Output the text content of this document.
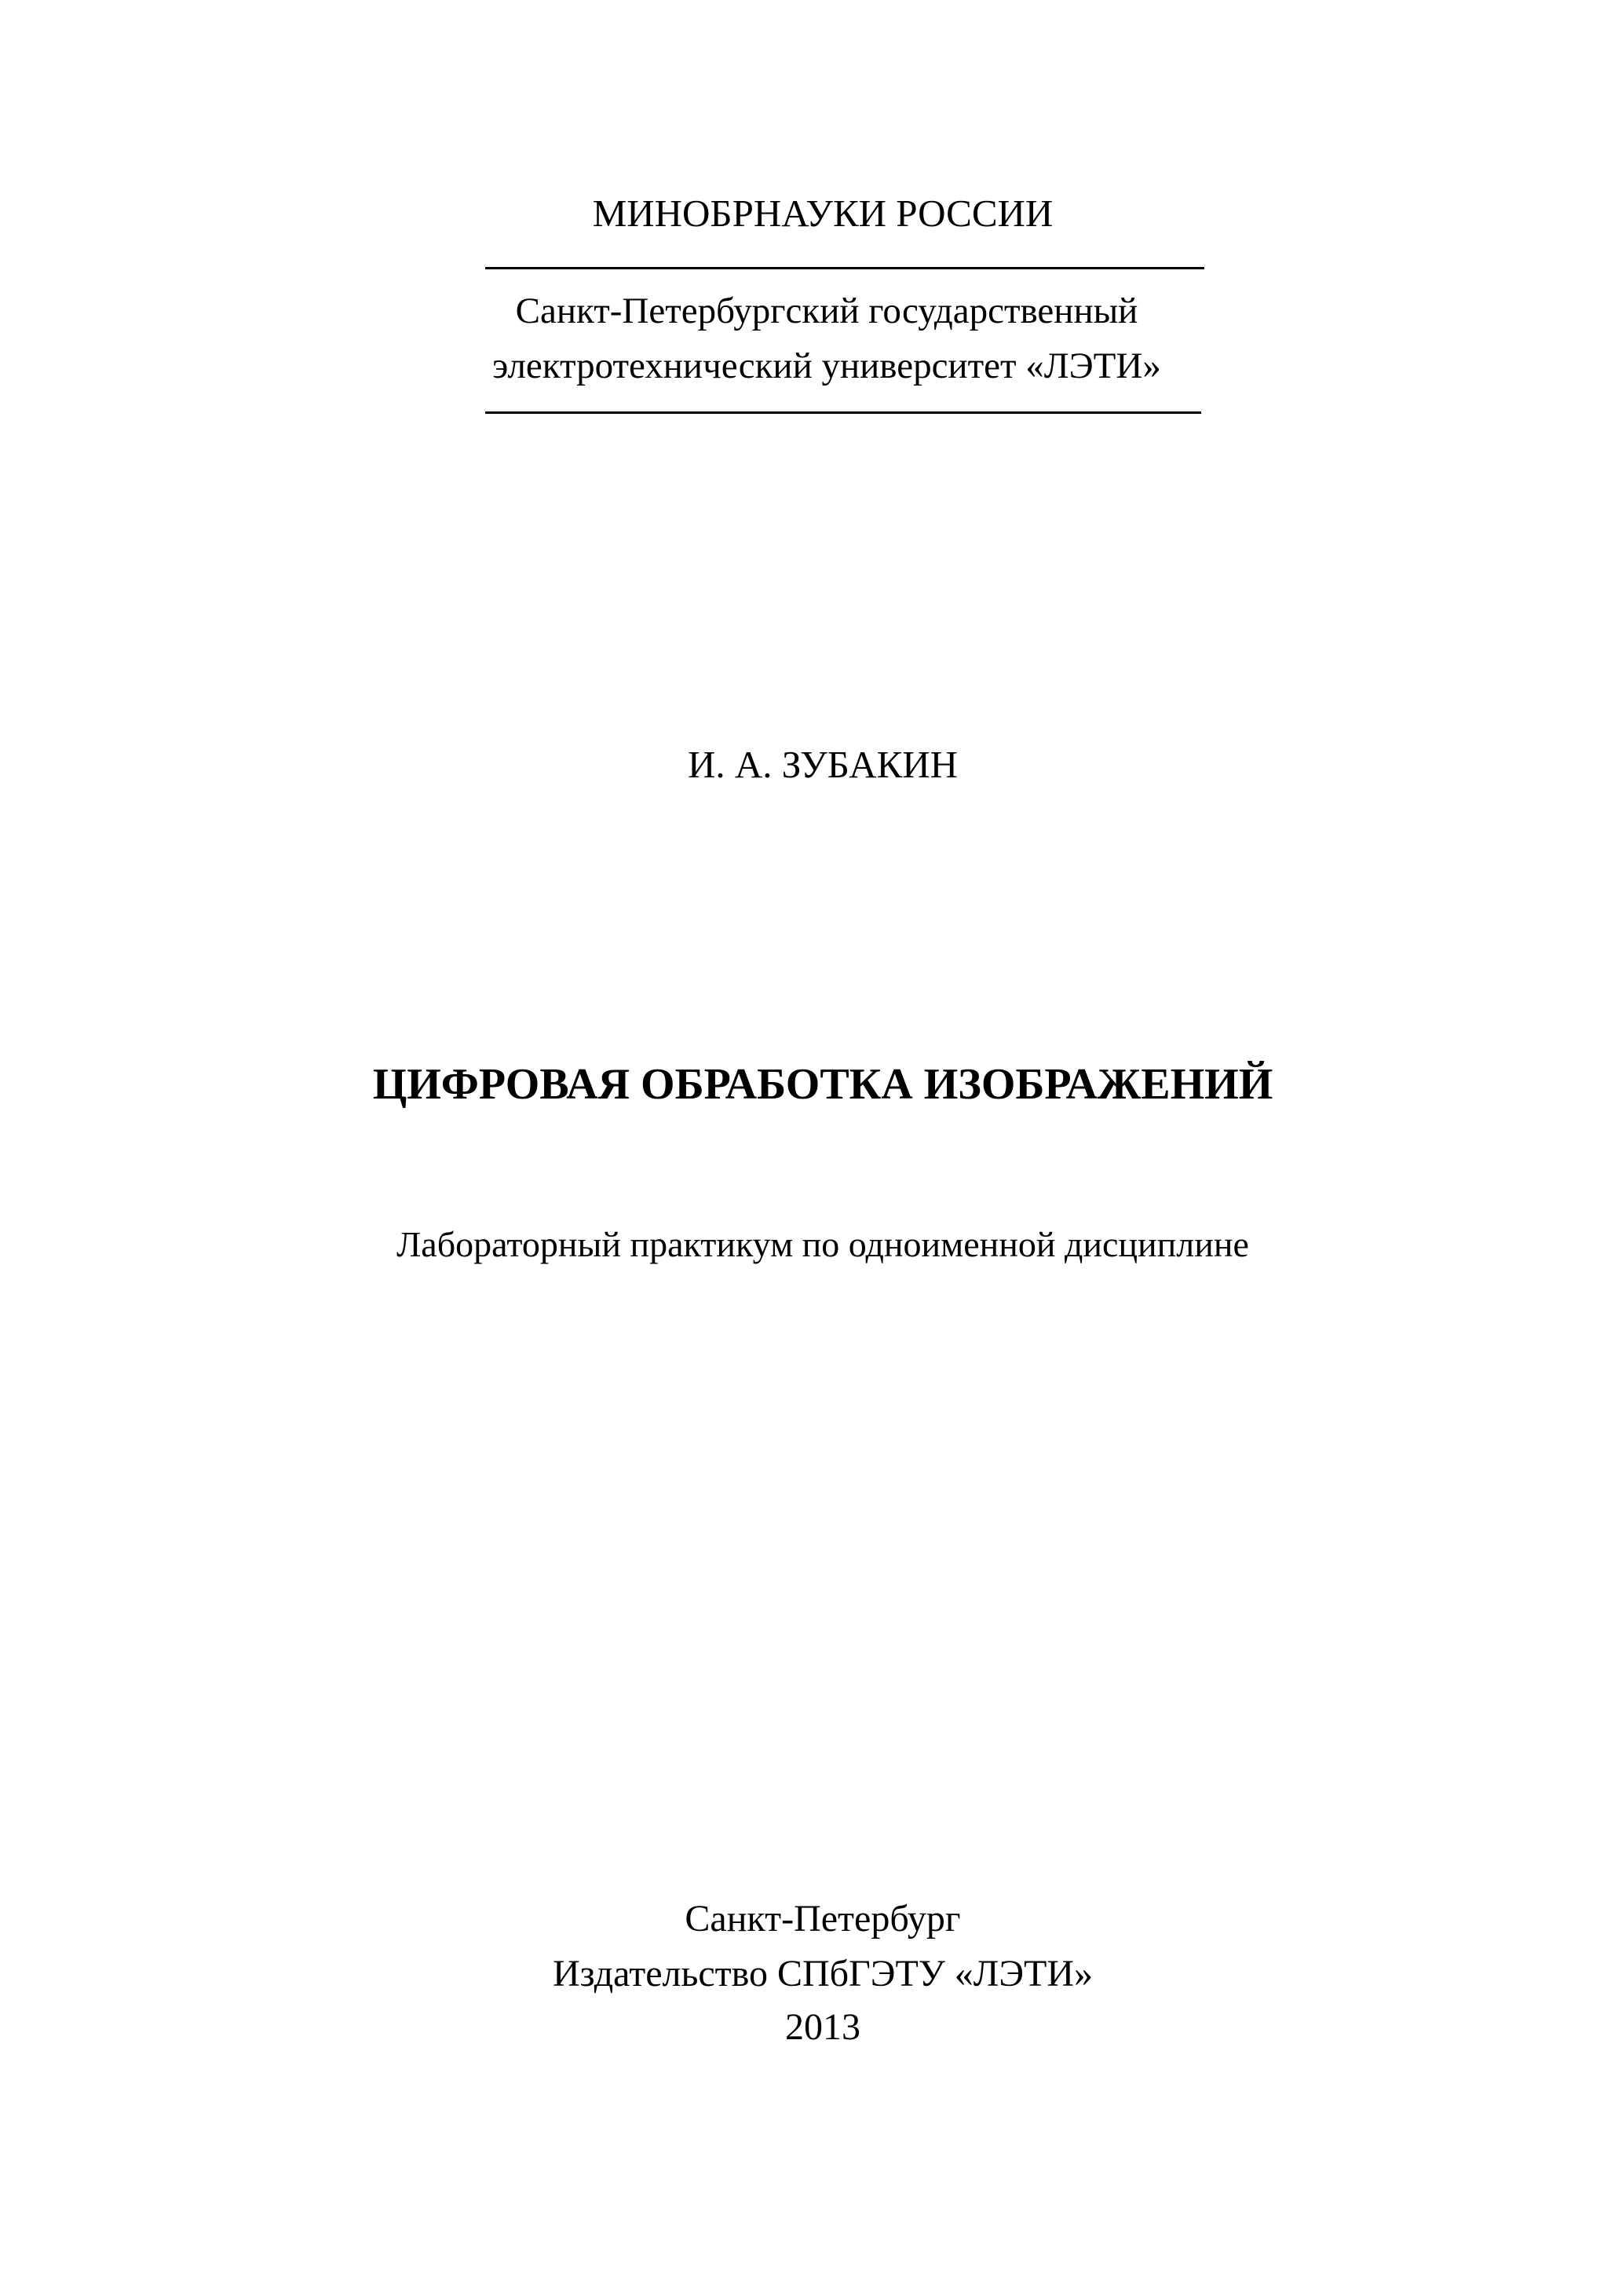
МИНОБРНАУКИ РОССИИ
Санкт-Петербургский государственный
электротехнический университет «ЛЭТИ»
И. А. ЗУБАКИН
ЦИФРОВАЯ ОБРАБОТКА ИЗОБРАЖЕНИЙ
Лабораторный практикум по одноименной дисциплине
Санкт-Петербург
Издательство СПбГЭТУ «ЛЭТИ»
2013
